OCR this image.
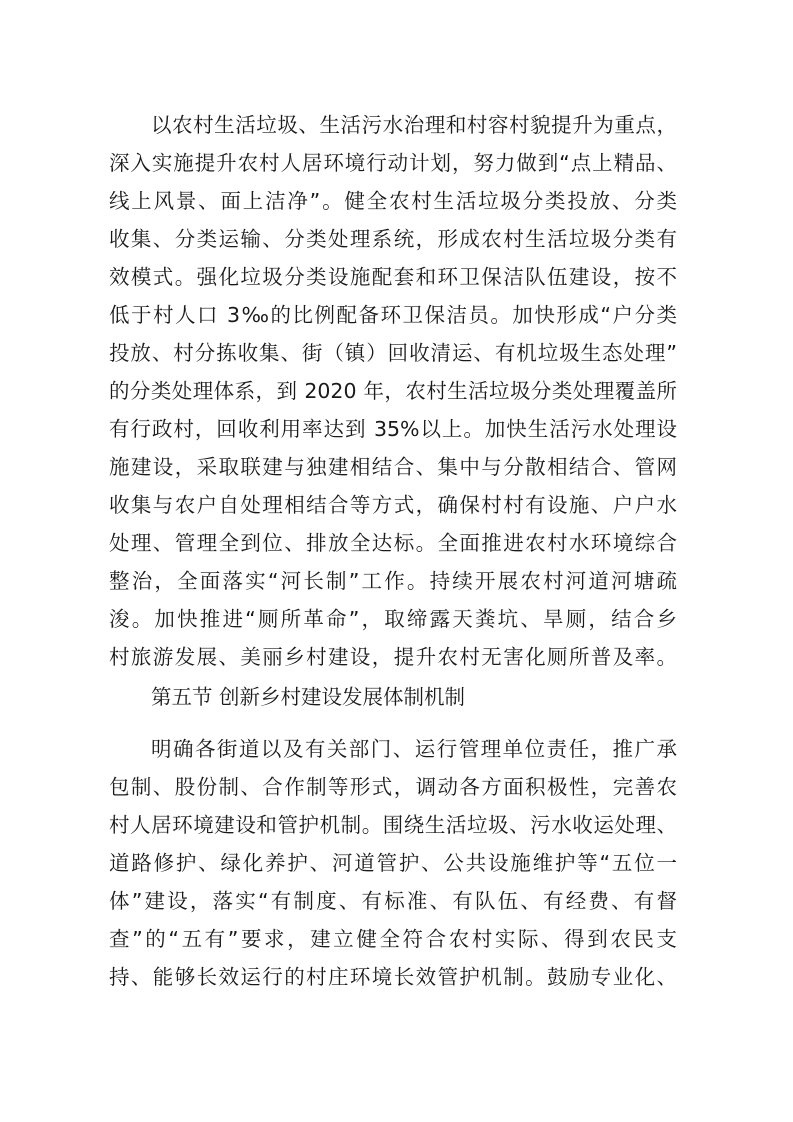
以农村生活垃圾、生活污水治理和村容村貌提升为重点，

深入实施提升农村人居环境行动计划，努力做到“点上精品、

线上风景、面上洁净”。健全农村生活垃圾分类投放、分类

收集、分类运输、分类处理系统，形成农村生活垃圾分类有

效模式。强化垃圾分类设施配套和环卫保洁队伍建设，按不

低于村人口 3‰的比例配备环卫保洁员。加快形成“户分类

投放、村分拣收集、街（镇）回收清运、有机垃圾生态处理”

的分类处理体系，到 2020 年，农村生活垃圾分类处理覆盖所

有行政村，回收利用率达到 35%以上。加快生活污水处理设

施建设，采取联建与独建相结合、集中与分散相结合、管网

收集与农户自处理相结合等方式，确保村村有设施、户户水

处理、管理全到位、排放全达标。全面推进农村水环境综合

整治，全面落实“河长制”工作。持续开展农村河道河塘疏

浚。加快推进“厕所革命”，取缔露天粪坑、旱厕，结合乡

村旅游发展、美丽乡村建设，提升农村无害化厕所普及率。

第五节 创新乡村建设发展体制机制

明确各街道以及有关部门、运行管理单位责任，推广承

包制、股份制、合作制等形式，调动各方面积极性，完善农

村人居环境建设和管护机制。围绕生活垃圾、污水收运处理、

道路修护、绿化养护、河道管护、公共设施维护等“五位一

体”建设，落实“有制度、有标准、有队伍、有经费、有督

查”的“五有”要求，建立健全符合农村实际、得到农民支

持、能够长效运行的村庄环境长效管护机制。鼓励专业化、
